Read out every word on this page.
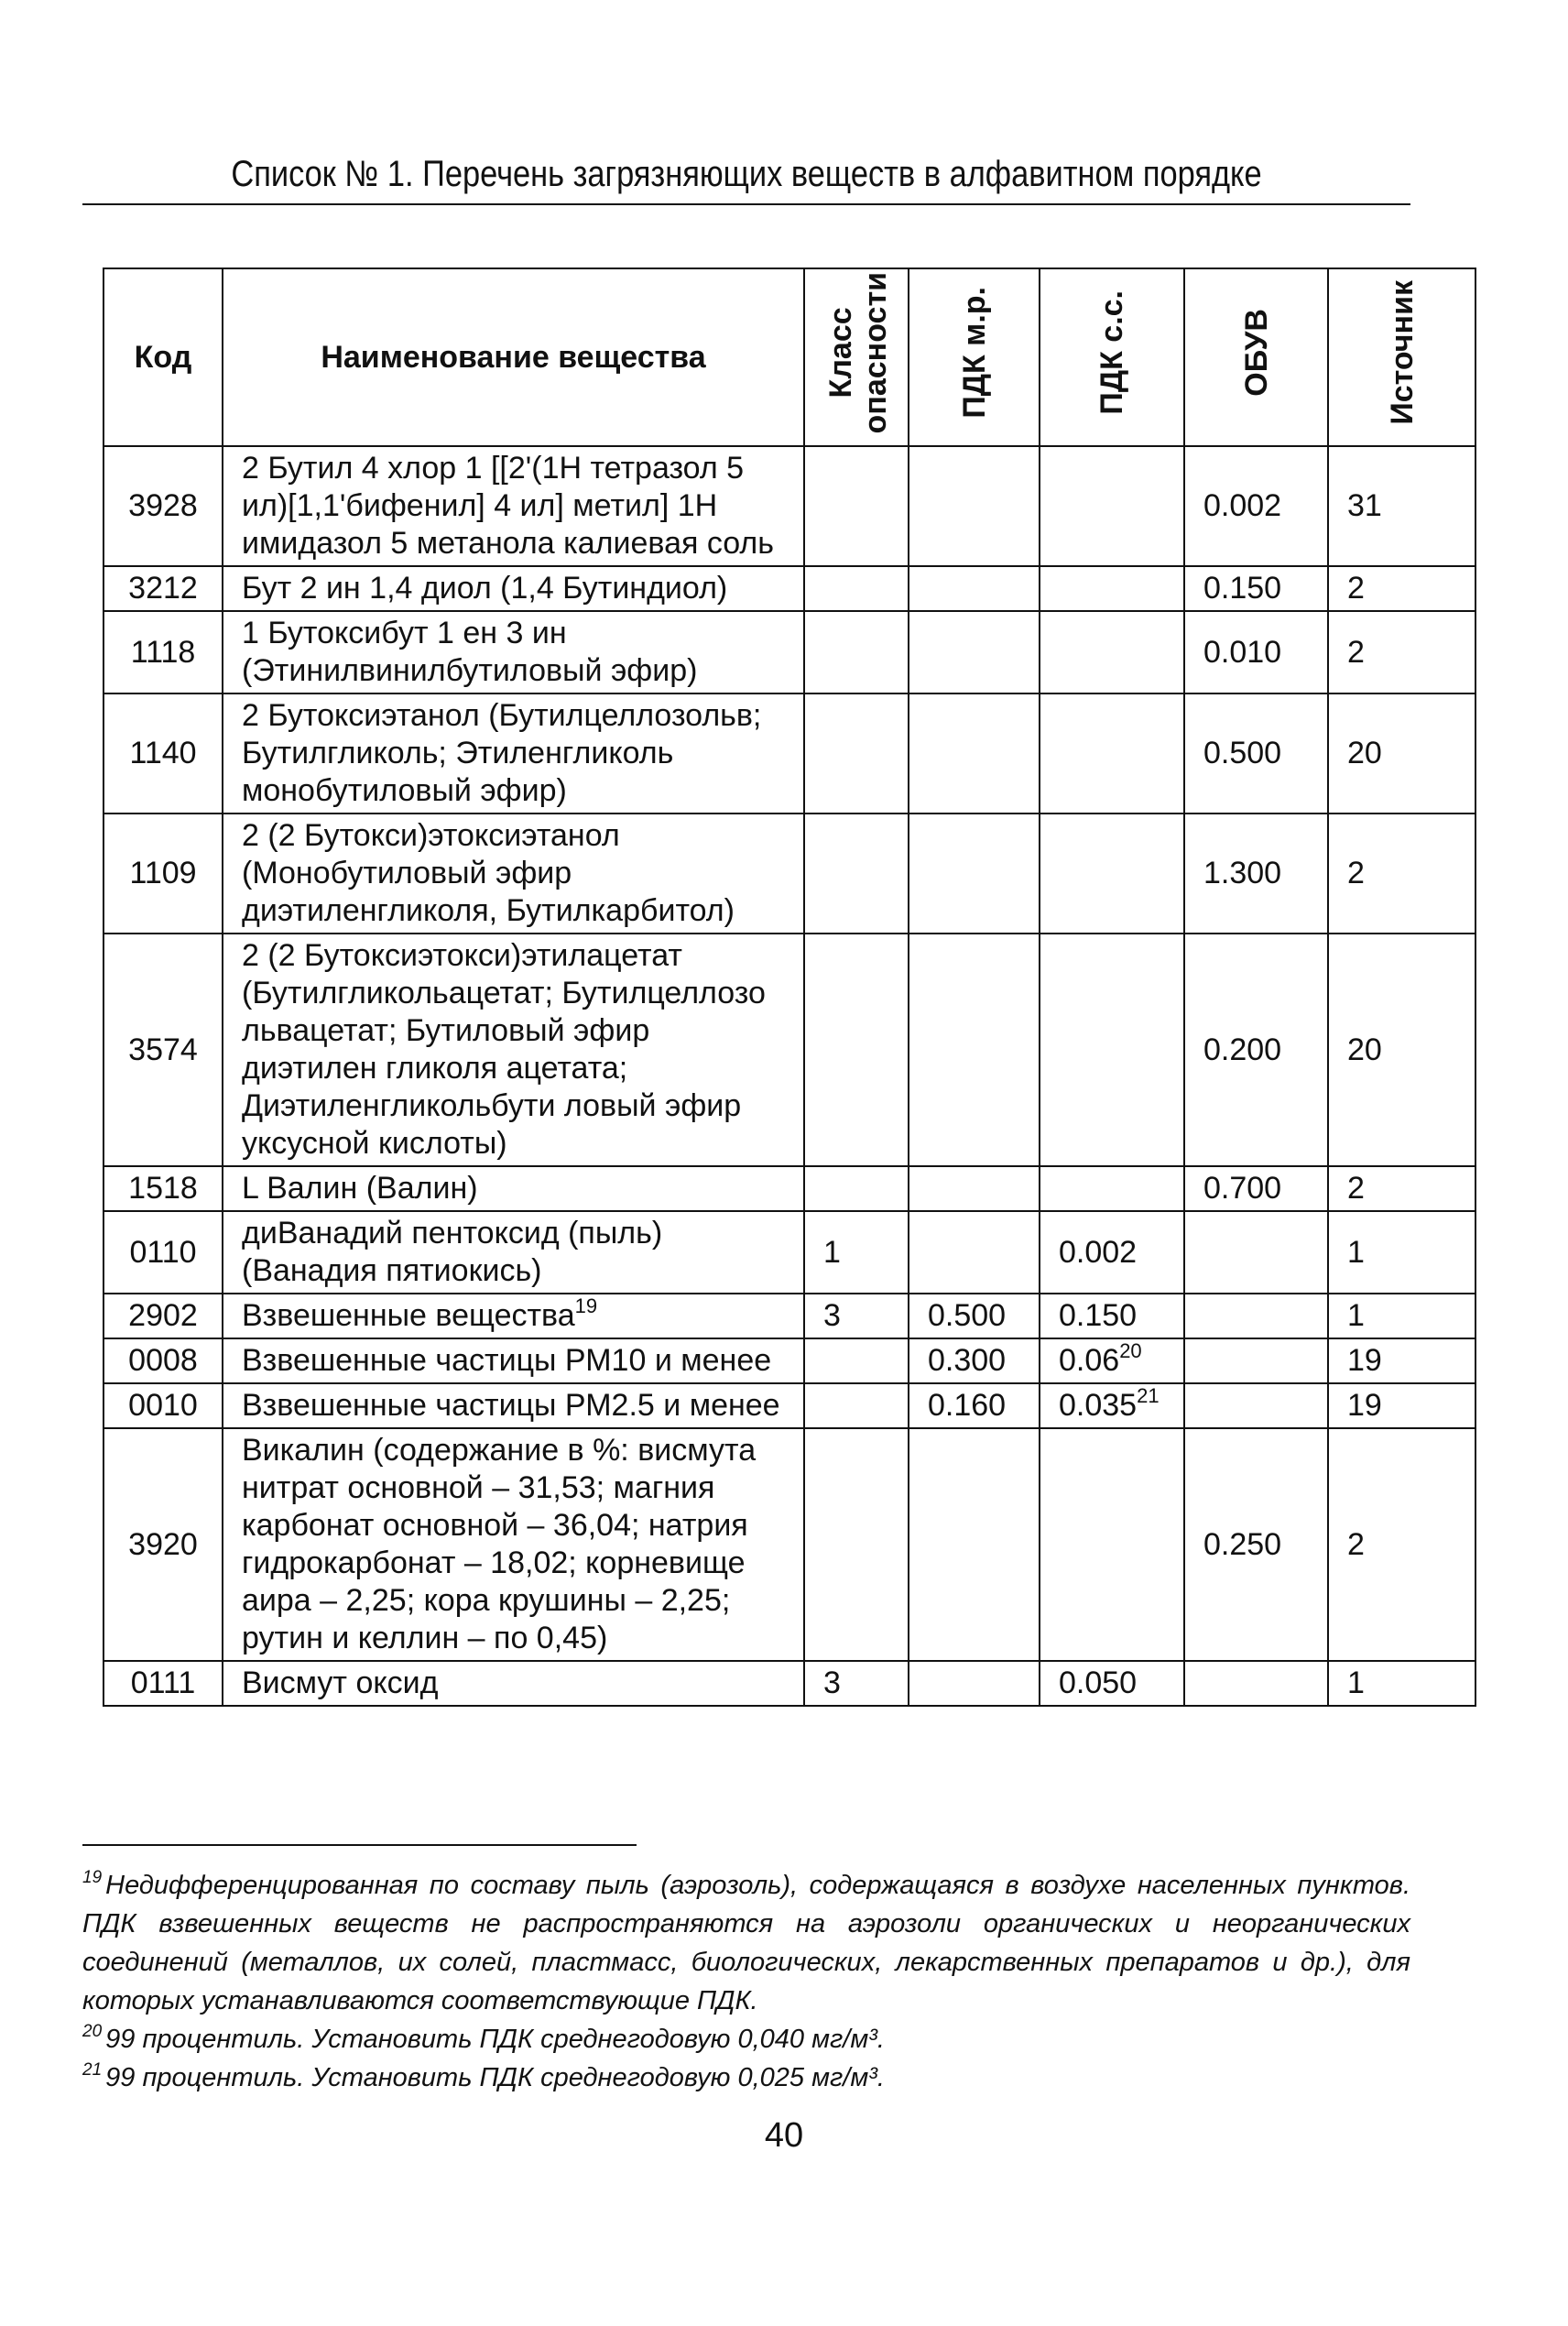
Список № 1. Перечень загрязняющих веществ в алфавитном порядке
Код	Наименование вещества	Класс опасности	ПДК м.р.	ПДК с.с.	ОБУВ	Источник
3928	2 Бутил 4 хлор 1 [[2'(1Н тетразол 5 ил)[1,1'бифенил] 4 ил] метил] 1Н имидазол 5 метанола калиевая соль				0.002	31
3212	Бут 2 ин 1,4 диол (1,4 Бутиндиол)				0.150	2
1118	1 Бутоксибут 1 ен 3 ин (Этинилвинилбутиловый эфир)				0.010	2
1140	2 Бутоксиэтанол (Бутилцеллозольв; Бутилгликоль; Этиленгликоль монобутиловый эфир)				0.500	20
1109	2 (2 Бутокси)этоксиэтанол (Монобутиловый эфир диэтиленгликоля, Бутилкарбитол)				1.300	2
3574	2 (2 Бутоксиэтокси)этилацетат (Бутилгликольацетат; Бутилцеллозо львацетат; Бутиловый эфир диэтилен гликоля ацетата; Диэтиленгликольбути ловый эфир уксусной кислоты)				0.200	20
1518	L Валин (Валин)				0.700	2
0110	диВанадий пентоксид (пыль) (Ванадия пятиокись)	1		0.002		1
2902	Взвешенные вещества$^{19}$	3	0.500	0.150		1
0008	Взвешенные частицы РМ10 и менее		0.300	0.06$^{20}$		19
0010	Взвешенные частицы РМ2.5 и менее		0.160	0.035$^{21}$		19
3920	Викалин (содержание в %: висмута нитрат основной – 31,53; магния карбонат основной – 36,04; натрия гидрокарбонат – 18,02; корневище аира – 2,25; кора крушины – 2,25; рутин и келлин – по 0,45)				0.250	2
0111	Висмут оксид	3		0.050		1

$^{19}$ Недифференцированная по составу пыль (аэрозоль), содержащаяся в воздухе населенных пунктов. ПДК взвешенных веществ не распространяются на аэрозоли органических и неорганических соединений (металлов, их солей, пластмасс, биологических, лекарственных препаратов и др.), для которых устанавливаются соответствующие ПДК.

$^{20}$ 99 процентиль. Установить ПДК среднегодовую 0,040 мг/м³.

$^{21}$ 99 процентиль. Установить ПДК среднегодовую 0,025 мг/м³.

40
